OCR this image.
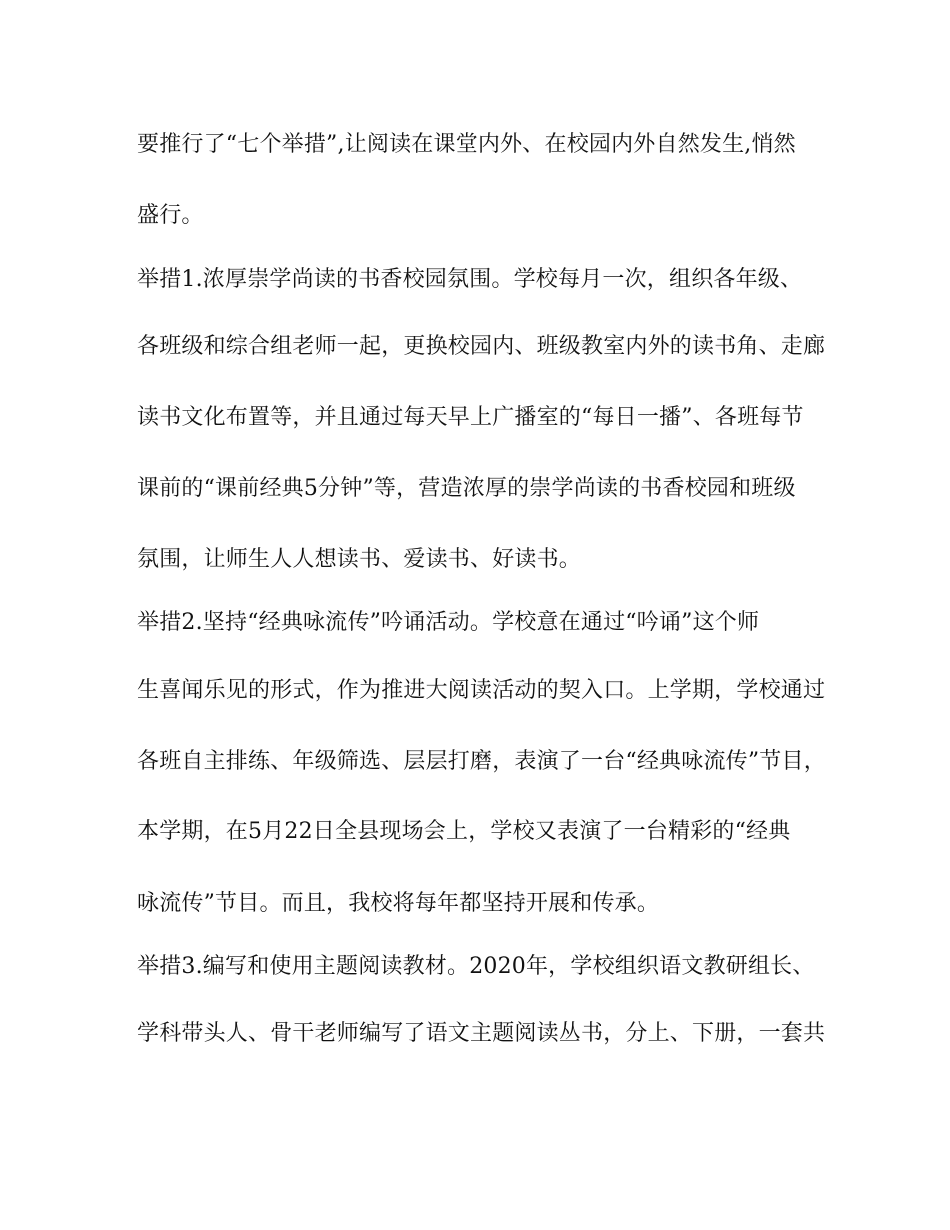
要推行了“七个举措”,让阅读在课堂内外、在校园内外自然发生,悄然
盛行。
举措1.浓厚崇学尚读的书香校园氛围。学校每月一次，组织各年级、
各班级和综合组老师一起，更换校园内、班级教室内外的读书角、走廊
读书文化布置等，并且通过每天早上广播室的“每日一播”、各班每节
课前的“课前经典5分钟”等，营造浓厚的崇学尚读的书香校园和班级
氛围，让师生人人想读书、爱读书、好读书。
举措2.坚持“经典咏流传”吟诵活动。学校意在通过“吟诵”这个师
生喜闻乐见的形式，作为推进大阅读活动的契入口。上学期，学校通过
各班自主排练、年级筛选、层层打磨，表演了一台“经典咏流传”节目，
本学期，在5月22日全县现场会上，学校又表演了一台精彩的“经典
咏流传”节目。而且，我校将每年都坚持开展和传承。
举措3.编写和使用主题阅读教材。2020年，学校组织语文教研组长、
学科带头人、骨干老师编写了语文主题阅读丛书，分上、下册，一套共
